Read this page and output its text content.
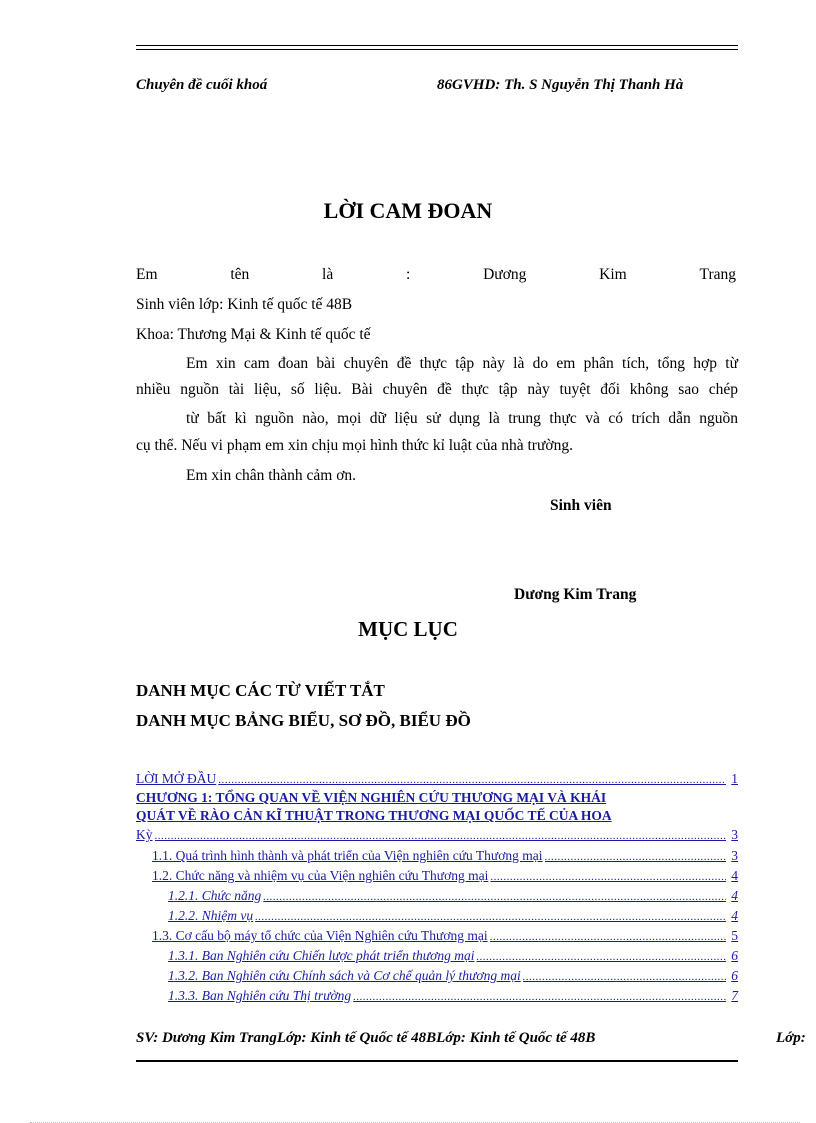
Chuyên đề cuối khoá	86GVHD: Th. S Nguyễn Thị Thanh Hà
LỜI CAM ĐOAN
Em	tên	là	:	Dương	Kim	Trang
Sinh viên lớp: Kinh tế quốc tế 48B
Khoa: Thương Mại & Kinh tế quốc tế
Em xin cam đoan bài chuyên đề thực tập này là do em phân tích, tổng hợp từ
nhiều nguồn tài liệu, số liệu. Bài chuyên đề thực tập này tuyệt đối không sao chép
từ bất kì nguồn nào, mọi dữ liệu sử dụng là trung thực và có trích dẫn nguồn
cụ thể. Nếu vi phạm em xin chịu mọi hình thức kỉ luật của nhà trường.
Em xin chân thành cảm ơn.
Sinh viên
Dương Kim Trang
MỤC LỤC
DANH MỤC CÁC TỪ VIẾT TẮT
DANH MỤC BẢNG BIỂU, SƠ ĐỒ, BIỂU ĐỒ
LỜI MỞ ĐẦU .....	1
CHƯƠNG 1: TỔNG QUAN VỀ VIỆN NGHIÊN CỨU THƯƠNG MẠI VÀ KHÁI
QUÁT VỀ RÀO CẢN KĨ THUẬT TRONG THƯƠNG MẠI QUỐC TẾ CỦA HOA
Kỳ .....	3
1.1. Quá trình hình thành và phát triển của Viện nghiên cứu Thương mại .....	3
1.2. Chức năng và nhiệm vụ của Viện nghiên cứu Thương mại .....	4
1.2.1. Chức năng .....	4
1.2.2. Nhiệm vụ .....	4
1.3. Cơ cấu bộ máy tổ chức của Viện Nghiên cứu Thương mại .....	5
1.3.1. Ban Nghiên cứu Chiến lược phát triển thương mại .....	6
1.3.2. Ban Nghiên cứu Chính sách và Cơ chế quản lý thương mại .....	6
1.3.3. Ban Nghiên cứu Thị trường .....	7
SV: Dương Kim TrangLớp: Kinh tế Quốc tế 48BLớp: Kinh tế Quốc tế 48B	Lớp:
